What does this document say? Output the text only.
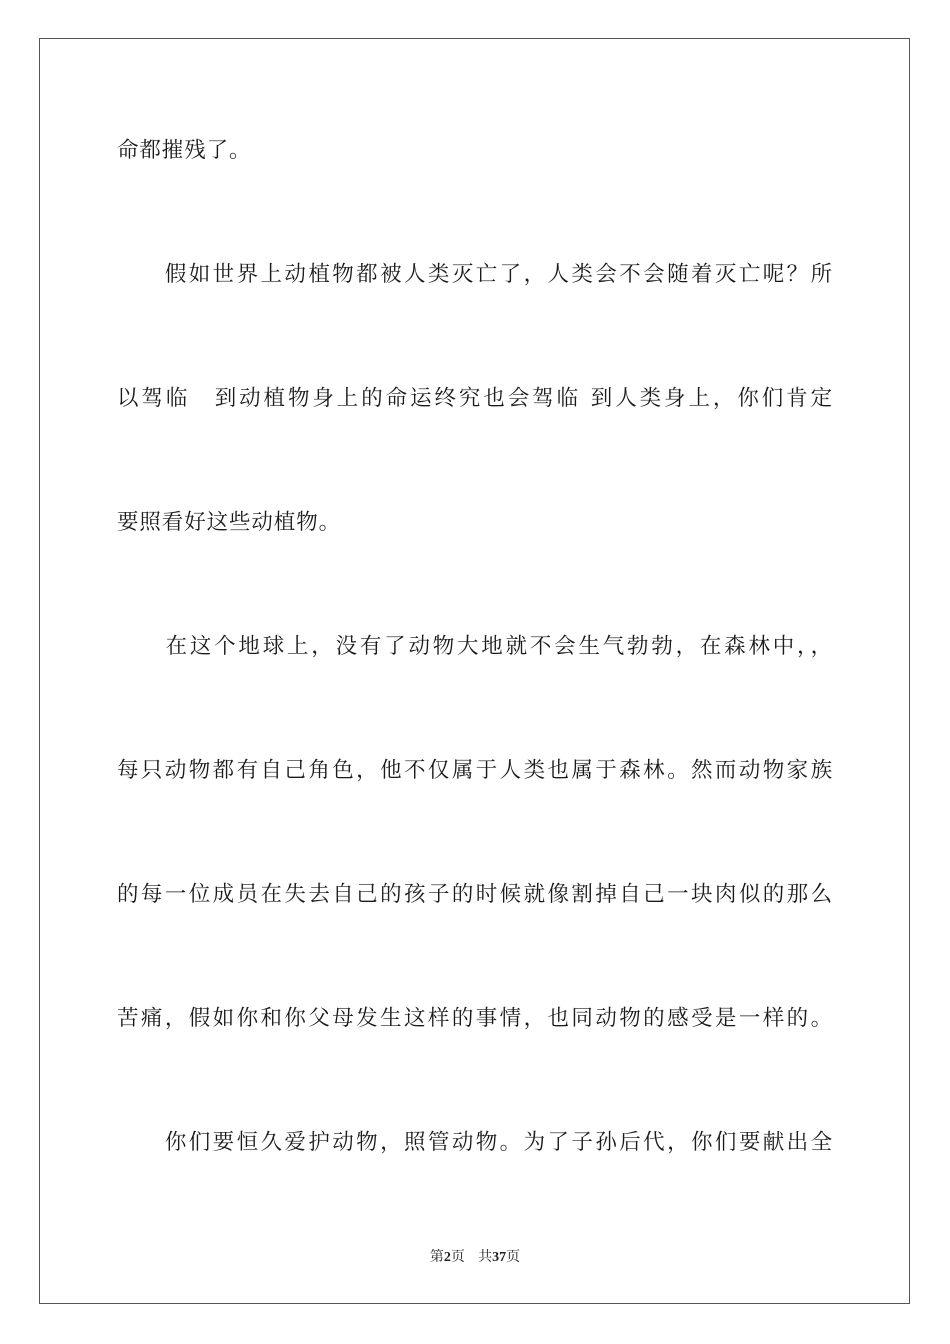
命都摧残了。
　　假如世界上动植物都被人类灭亡了，人类会不会随着灭亡呢？所
以驾临　到动植物身上的命运终究也会驾临 到人类身上，你们肯定
要照看好这些动植物。
　　在这个地球上，没有了动物大地就不会生气勃勃，在森林中，，
每只动物都有自己角色，他不仅属于人类也属于森林。然而动物家族
的每一位成员在失去自己的孩子的时候就像割掉自己一块肉似的那么
苦痛，假如你和你父母发生这样的事情，也同动物的感受是一样的。
　　你们要恒久爱护动物，照管动物。为了子孙后代，你们要献出全
第2页 共37页
